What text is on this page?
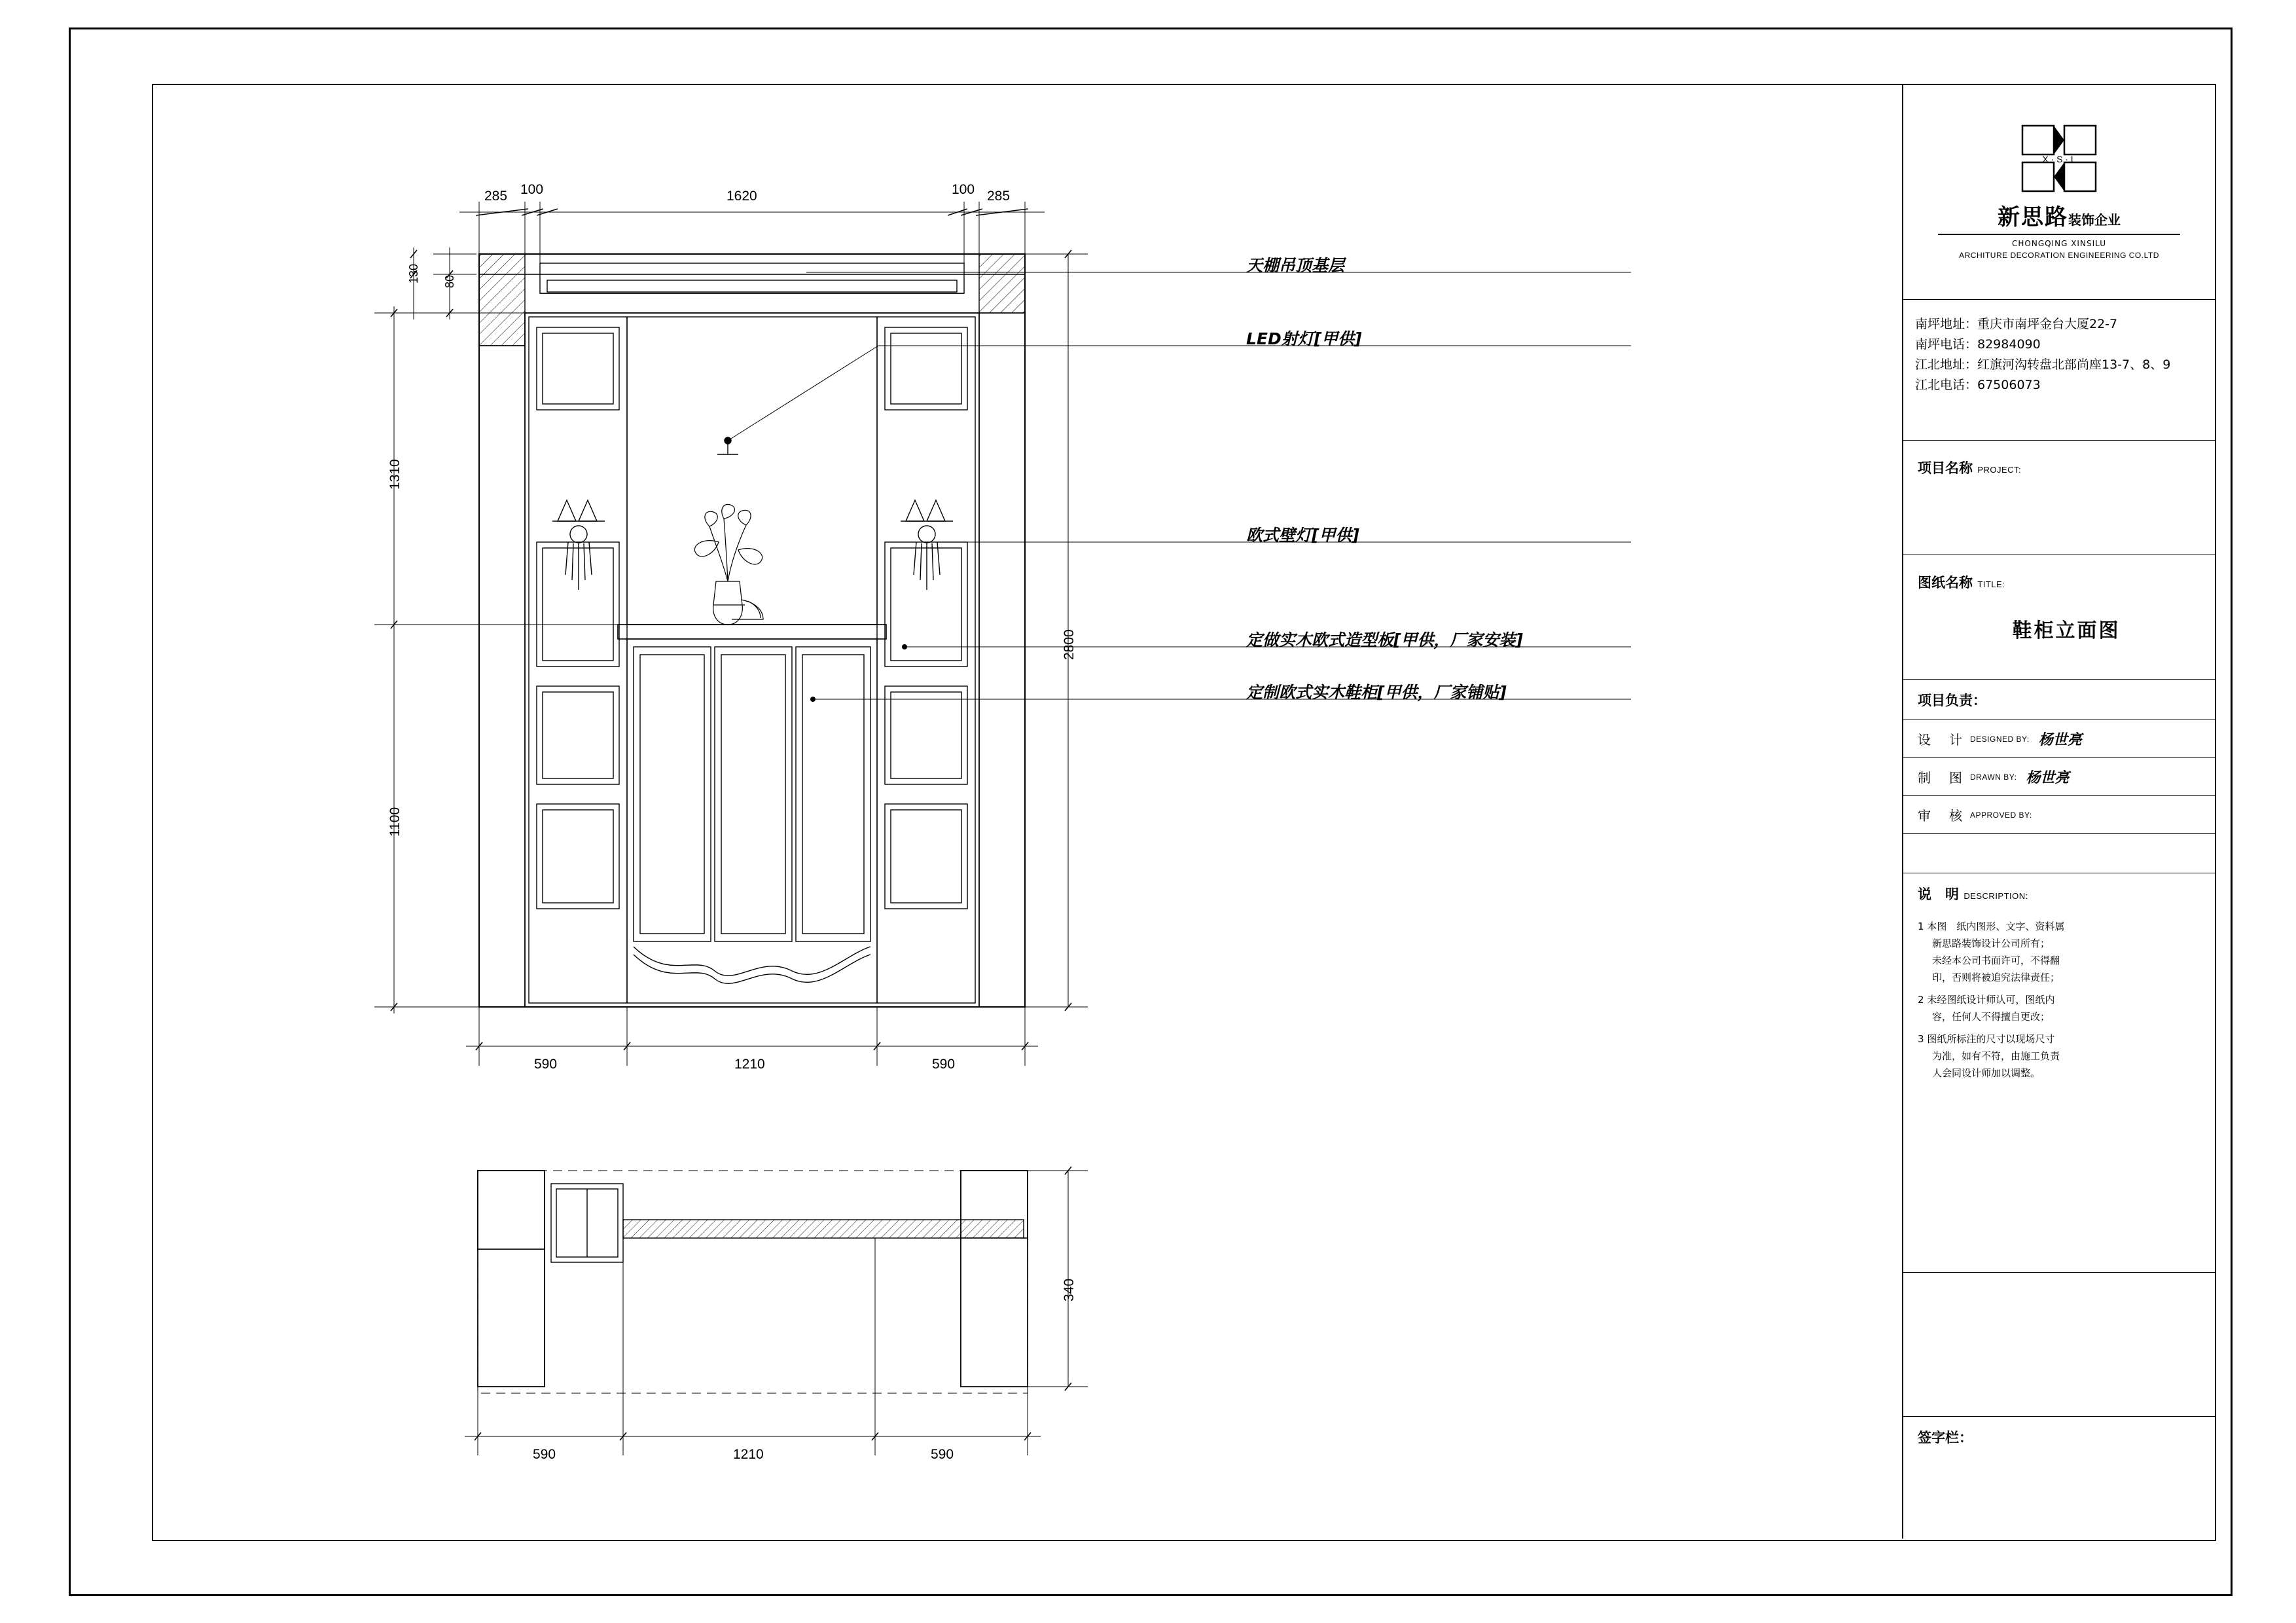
285 100	1620	100 285
130 80
1310
1100
2800
590	1210	590
340
590	1210	590
天棚吊顶基层
LED射灯[甲供]
欧式壁灯[甲供]
定做实木欧式造型板[甲供，厂家安装]
定制欧式实木鞋柜[甲供，厂家铺贴]
X · S · L
新思路装饰企业
CHONGQING XINSILU
ARCHITURE DECORATION ENGINEERING CO.LTD
南坪地址：重庆市南坪金台大厦22-7
南坪电话：82984090
江北地址：红旗河沟转盘北部尚座13-7、8、9
江北电话：67506073
项目名称 PROJECT:
图纸名称 TITLE:
鞋柜立面图
项目负责：
设　计 DESIGNED BY: 杨世亮
制　图 DRAWN BY: 杨世亮
审　核 APPROVED BY:
说　明 DESCRIPTION:
1 本图　纸内图形、文字、资料属
新思路装饰设计公司所有；
未经本公司书面许可，不得翻
印，否则将被追究法律责任；
2 未经图纸设计师认可，图纸内
容，任何人不得擅自更改；
3 图纸所标注的尺寸以现场尺寸
为准，如有不符，由施工负责
人会同设计师加以调整。
签字栏：
